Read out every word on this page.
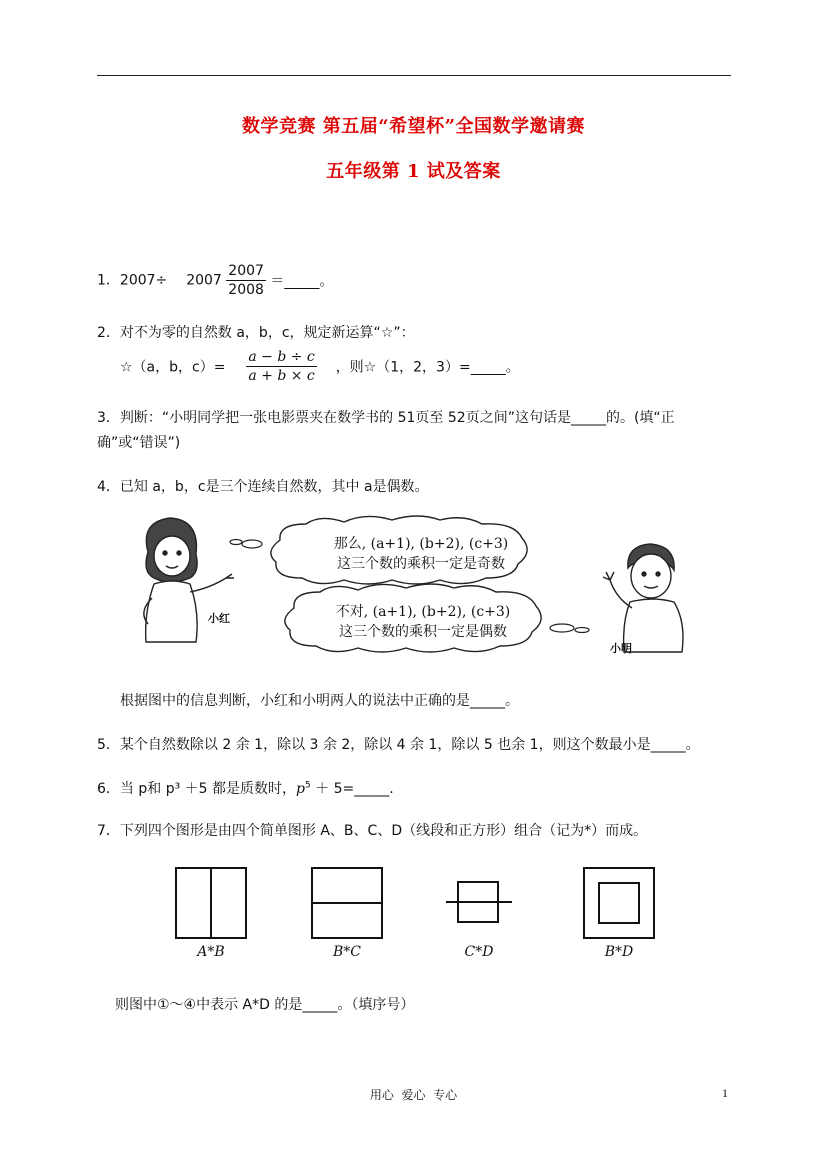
数学竞赛 第五届“希望杯”全国数学邀请赛
五年级第 1 试及答案
1．$2007\div 2007 \frac{2007}{2008}$ ＝_____。
2．对不为零的自然数 a，b，c，规定新运算“☆”：
☆（a，b，$c)= \frac{a - b \div c}{a + b \times c}$ ，则☆（1，2，3）=_____。
3．判断：“小明同学把一张电影票夹在数学书的 51页至 52页之间”这句话是_____的。(填“正
确”或“错误”)
4．已知 a，b，c是三个连续自然数，其中 a是偶数。
那么, (a+1), (b+2), (c+3)
这三个数的乘积一定是奇数
不对, (a+1), (b+2), (c+3)
这三个数的乘积一定是偶数
小红
小明
根据图中的信息判断，小红和小明两人的说法中正确的是_____。
5．某个自然数除以 2 余 1，除以 3 余 2，除以 4 余 1，除以 5 也余 1，则这个数最小是_____。
6．当 p和 p³ ＋5 都是质数时，$p^5$ ＋ 5=_____.
7．下列四个图形是由四个简单图形 A、B、C、D（线段和正方形）组合（记为*）而成。
A*B	B*C	C*D	B*D
则图中①～④中表示 A*D 的是_____。（填序号）
用心  爱心  专心	1
